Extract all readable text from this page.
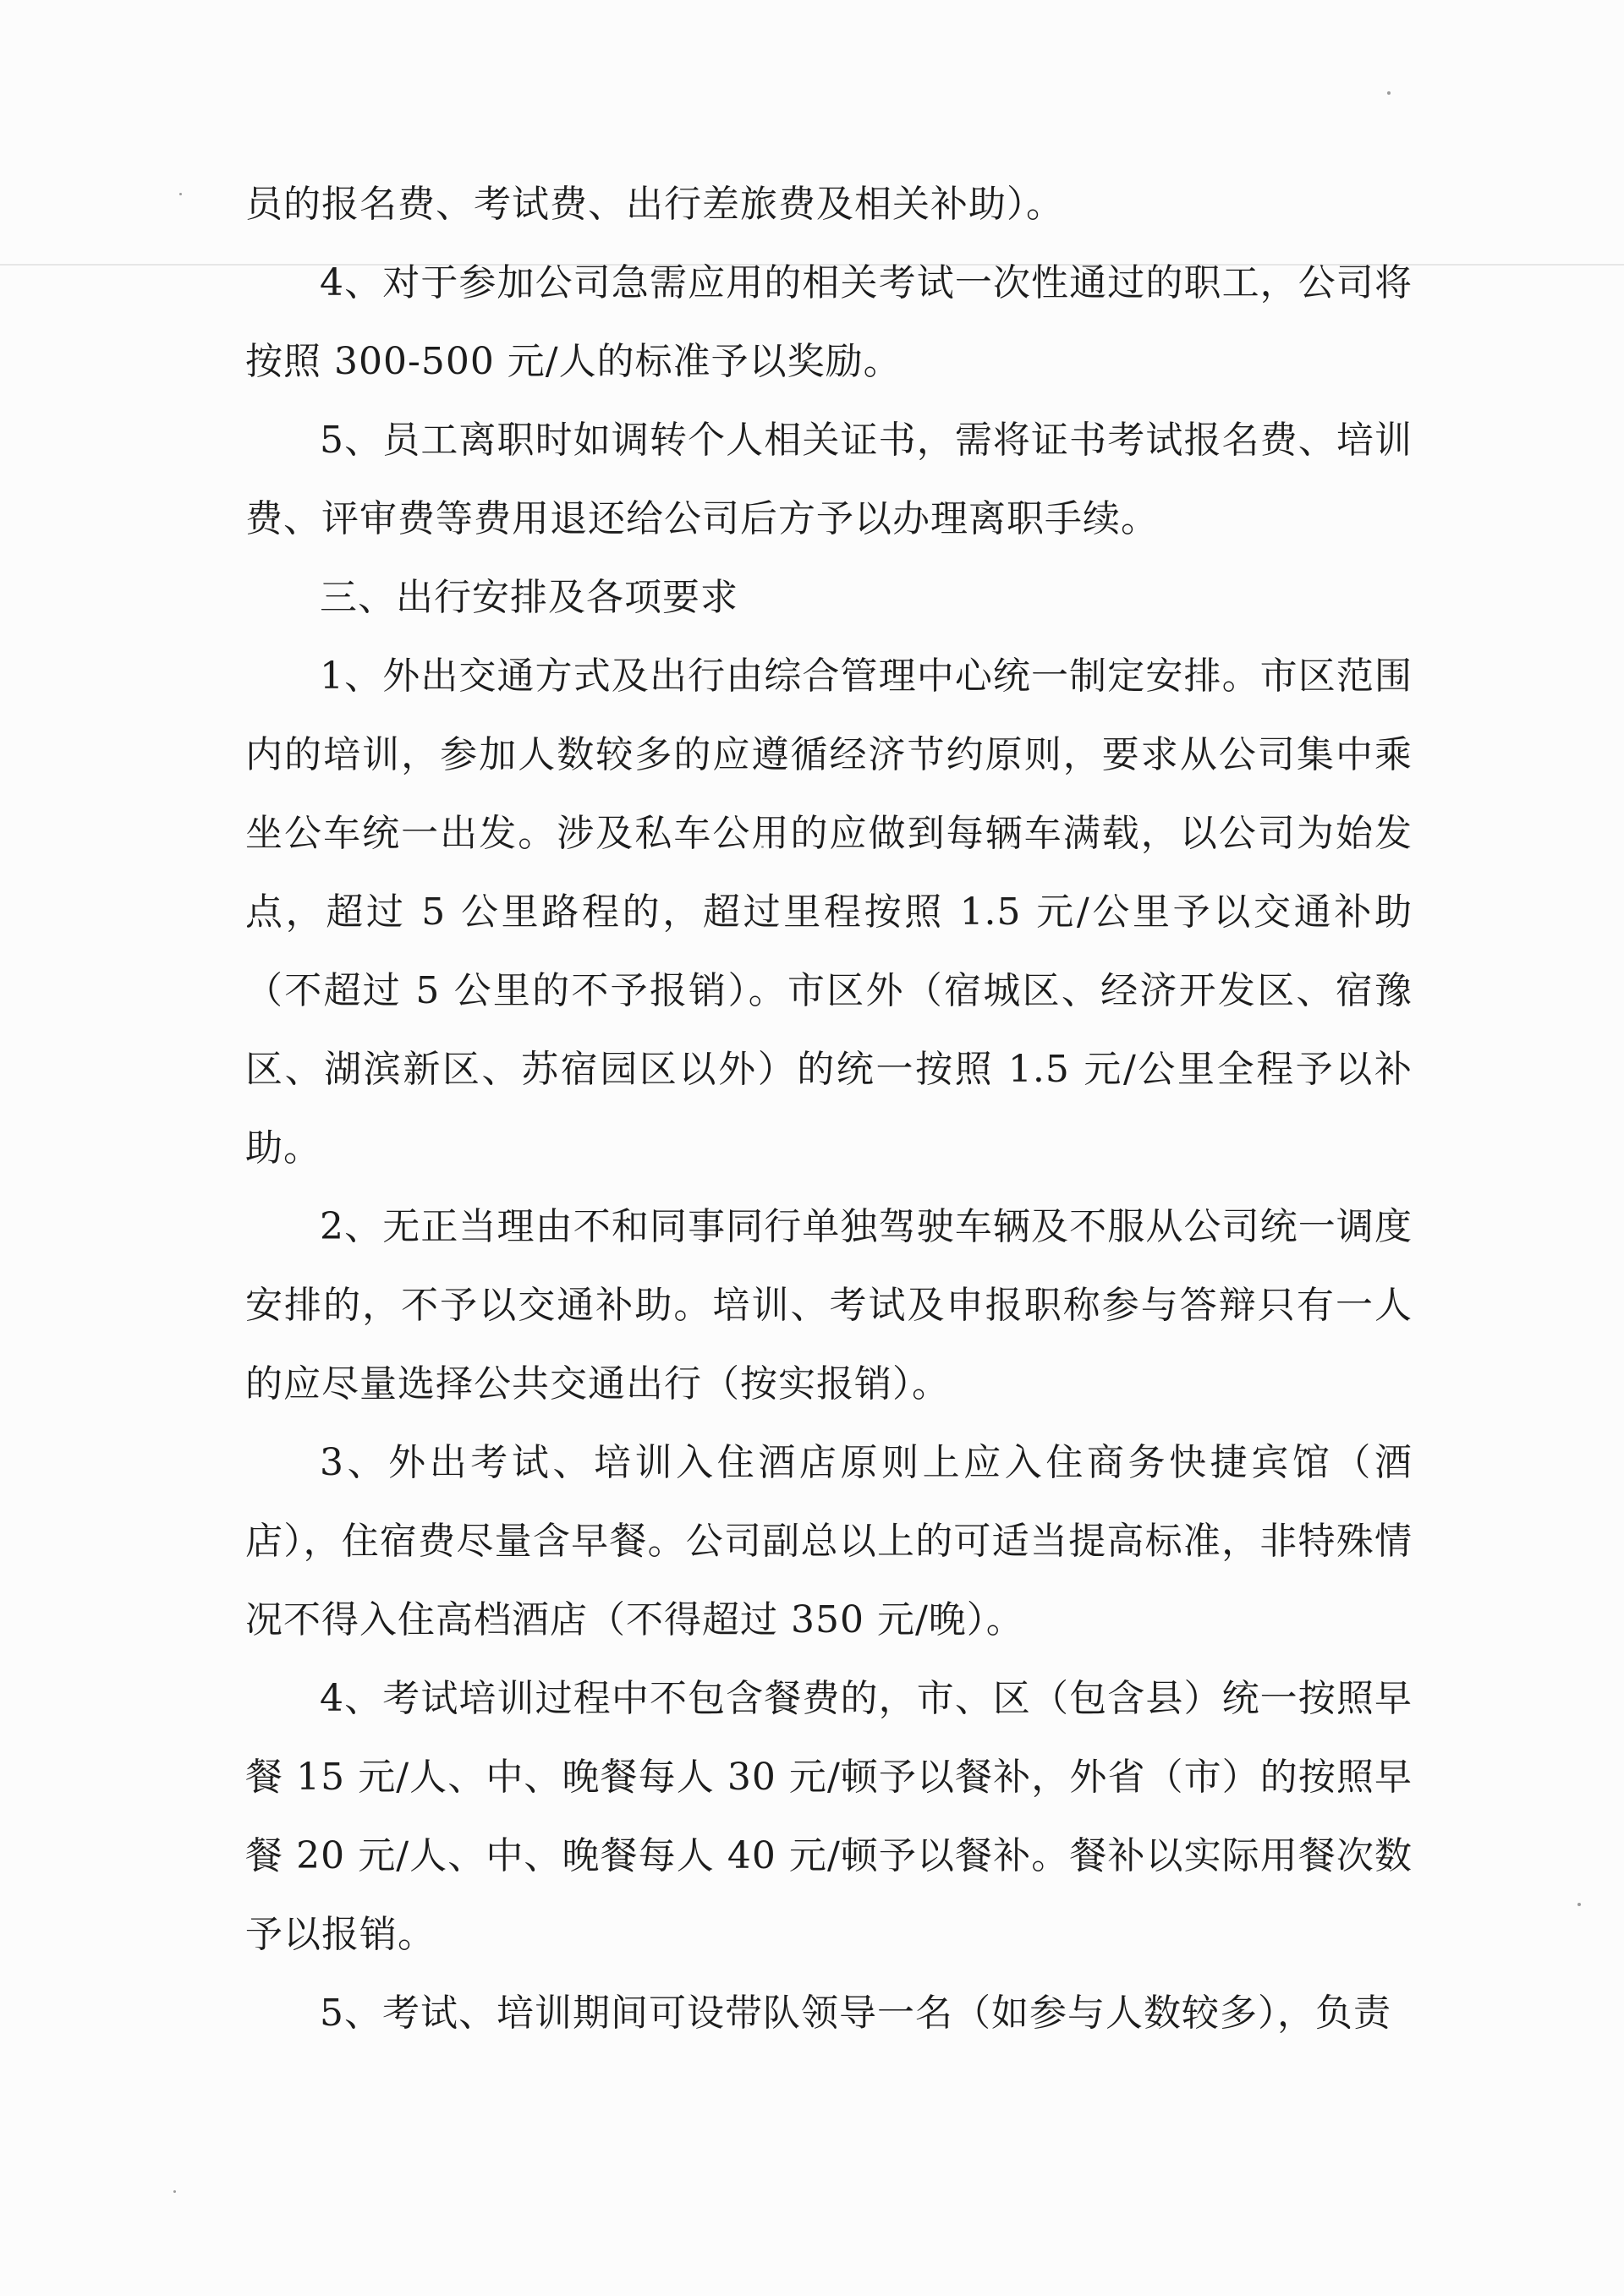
员的报名费、考试费、出行差旅费及相关补助）。

4、对于参加公司急需应用的相关考试一次性通过的职工，公司将按照 300-500 元/人的标准予以奖励。

5、员工离职时如调转个人相关证书，需将证书考试报名费、培训费、评审费等费用退还给公司后方予以办理离职手续。

三、出行安排及各项要求

1、外出交通方式及出行由综合管理中心统一制定安排。市区范围内的培训，参加人数较多的应遵循经济节约原则，要求从公司集中乘坐公车统一出发。涉及私车公用的应做到每辆车满载，以公司为始发点，超过 5 公里路程的，超过里程按照 1.5 元/公里予以交通补助（不超过 5 公里的不予报销）。市区外（宿城区、经济开发区、宿豫区、湖滨新区、苏宿园区以外）的统一按照 1.5 元/公里全程予以补助。

2、无正当理由不和同事同行单独驾驶车辆及不服从公司统一调度安排的，不予以交通补助。培训、考试及申报职称参与答辩只有一人的应尽量选择公共交通出行（按实报销）。

3、外出考试、培训入住酒店原则上应入住商务快捷宾馆（酒店），住宿费尽量含早餐。公司副总以上的可适当提高标准，非特殊情况不得入住高档酒店（不得超过 350 元/晚）。

4、考试培训过程中不包含餐费的，市、区（包含县）统一按照早餐 15 元/人、中、晚餐每人 30 元/顿予以餐补，外省（市）的按照早餐 20 元/人、中、晚餐每人 40 元/顿予以餐补。餐补以实际用餐次数予以报销。

5、考试、培训期间可设带队领导一名（如参与人数较多），负责
